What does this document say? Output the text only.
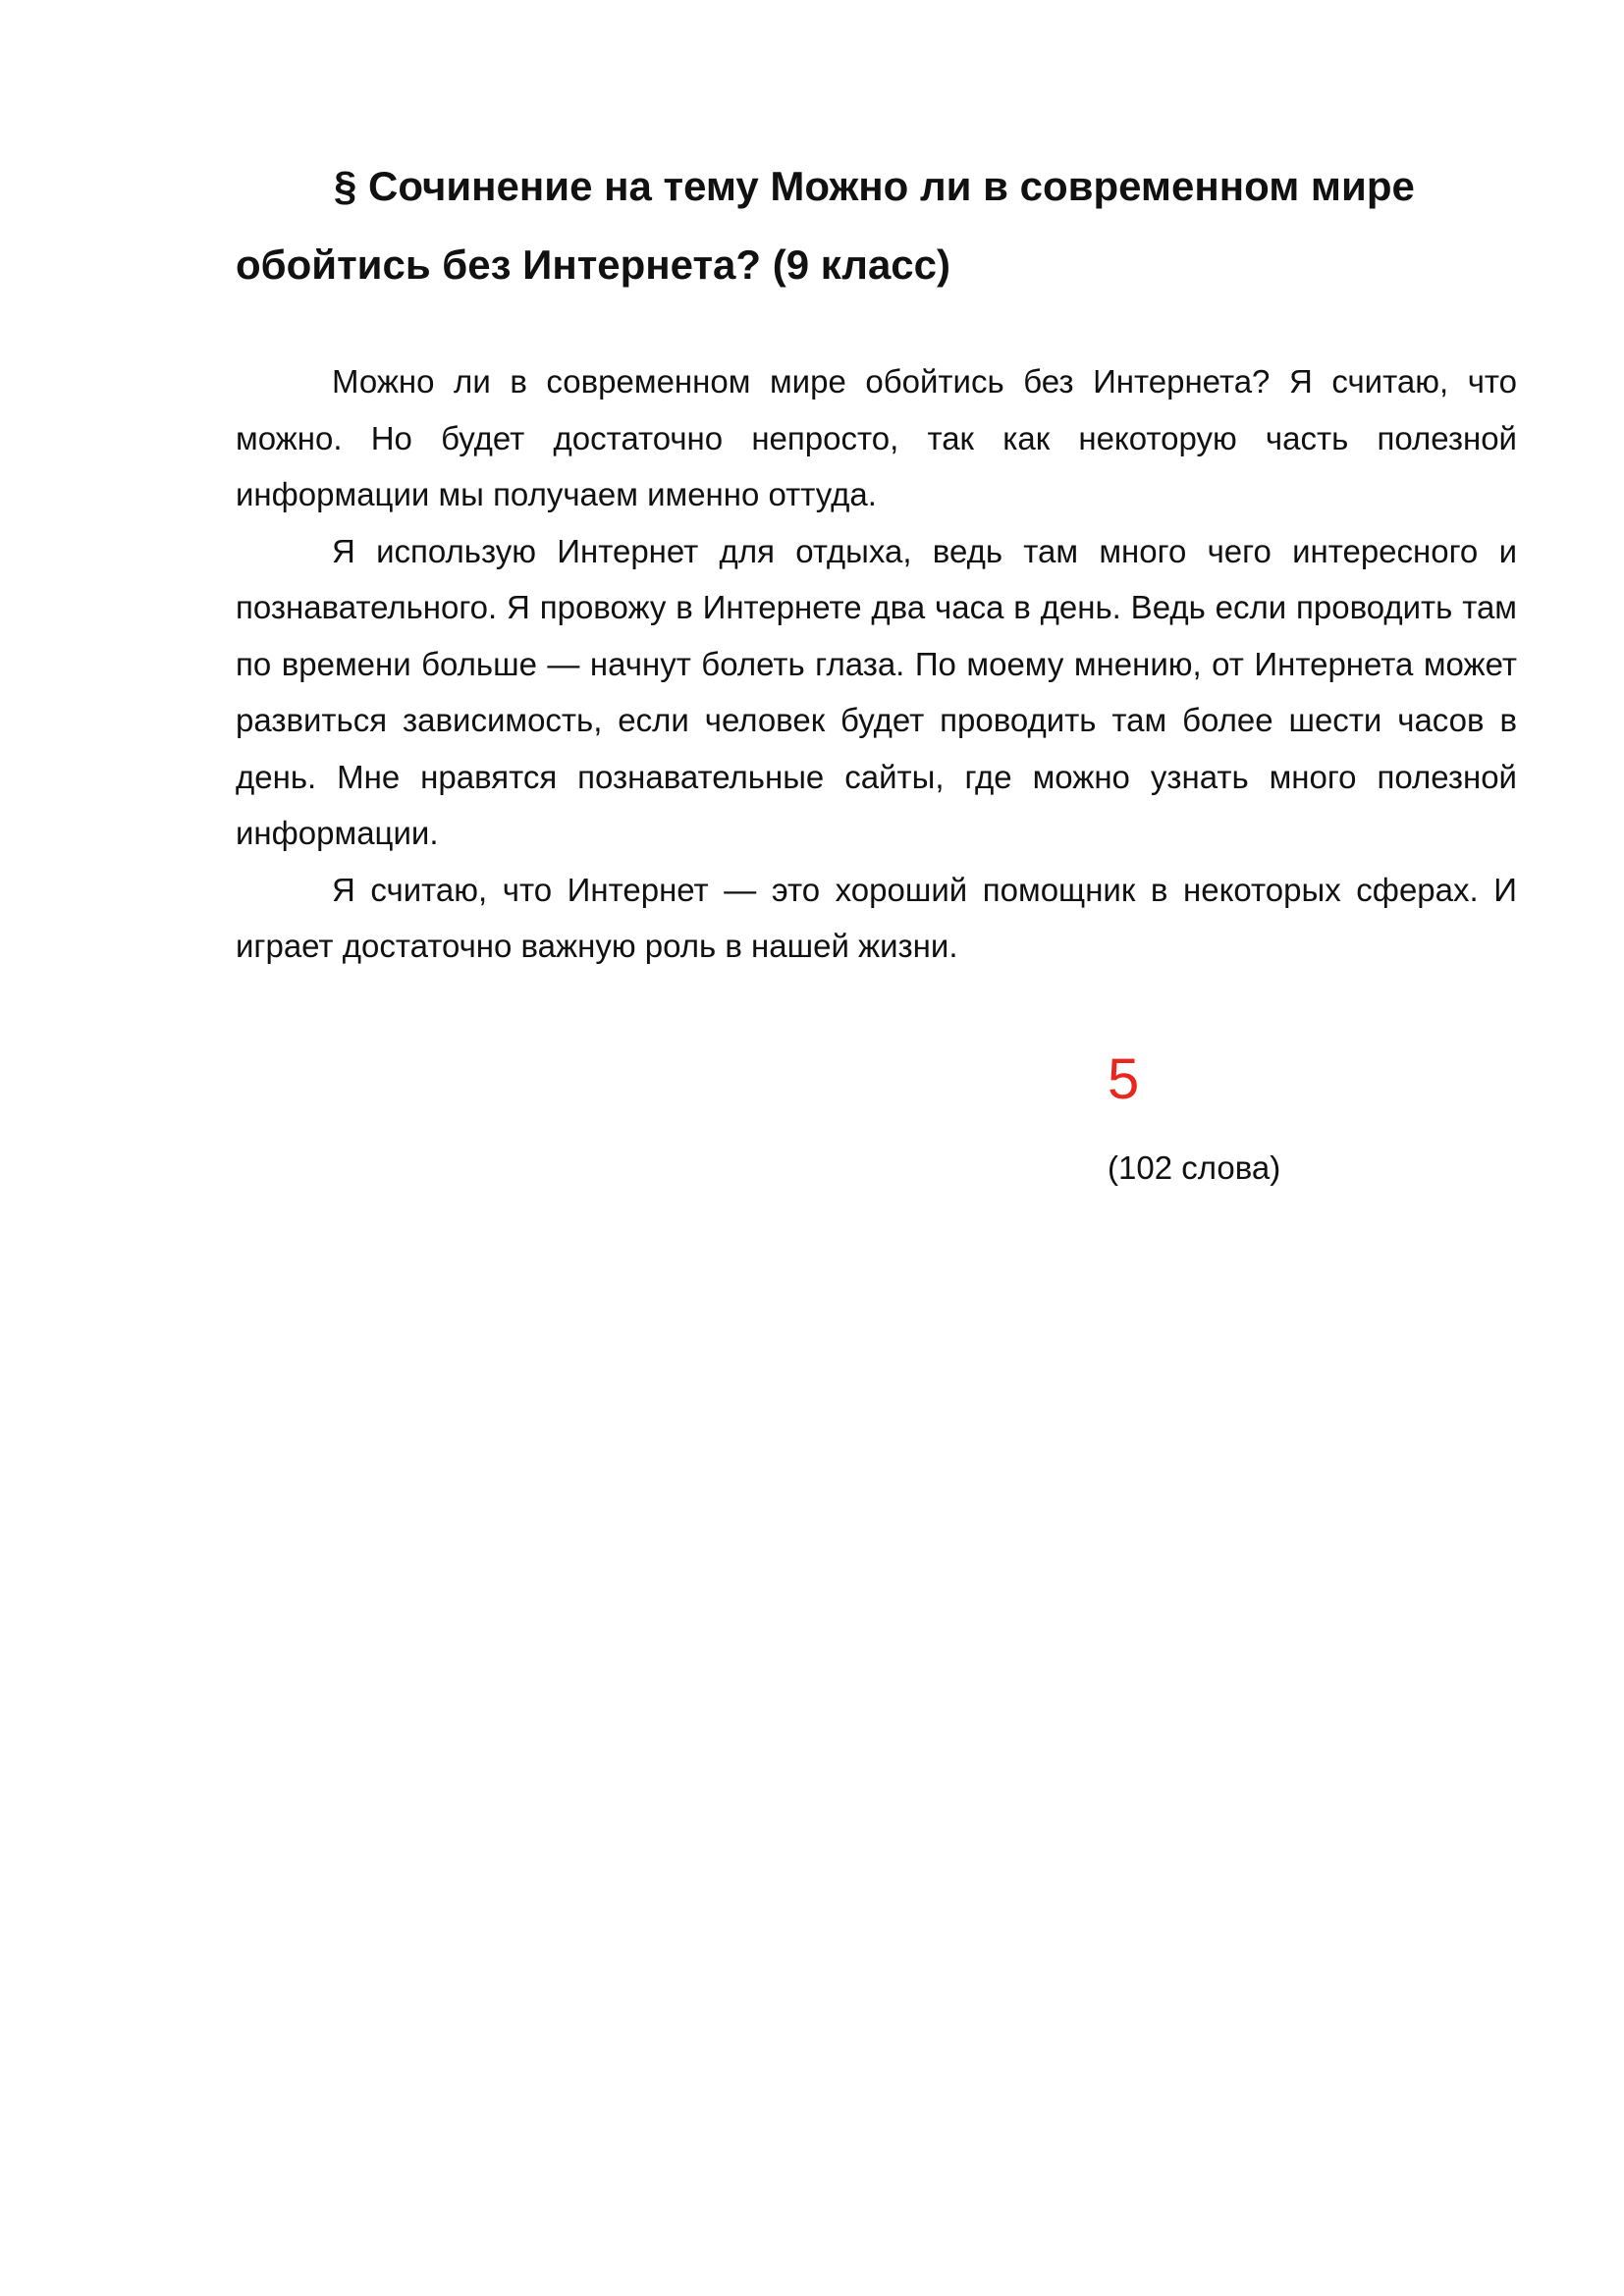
§ Сочинение на тему Можно ли в современном мире обойтись без Интернета? (9 класс)

Можно ли в современном мире обойтись без Интернета? Я считаю, что можно. Но будет достаточно непросто, так как некоторую часть полезной информации мы получаем именно оттуда.

Я использую Интернет для отдыха, ведь там много чего интересного и познавательного. Я провожу в Интернете два часа в день. Ведь если проводить там по времени больше — начнут болеть глаза. По моему мнению, от Интернета может развиться зависимость, если человек будет проводить там более шести часов в день. Мне нравятся познавательные сайты, где можно узнать много полезной информации.

Я считаю, что Интернет — это хороший помощник в некоторых сферах. И играет достаточно важную роль в нашей жизни.

5
(102 слова)
